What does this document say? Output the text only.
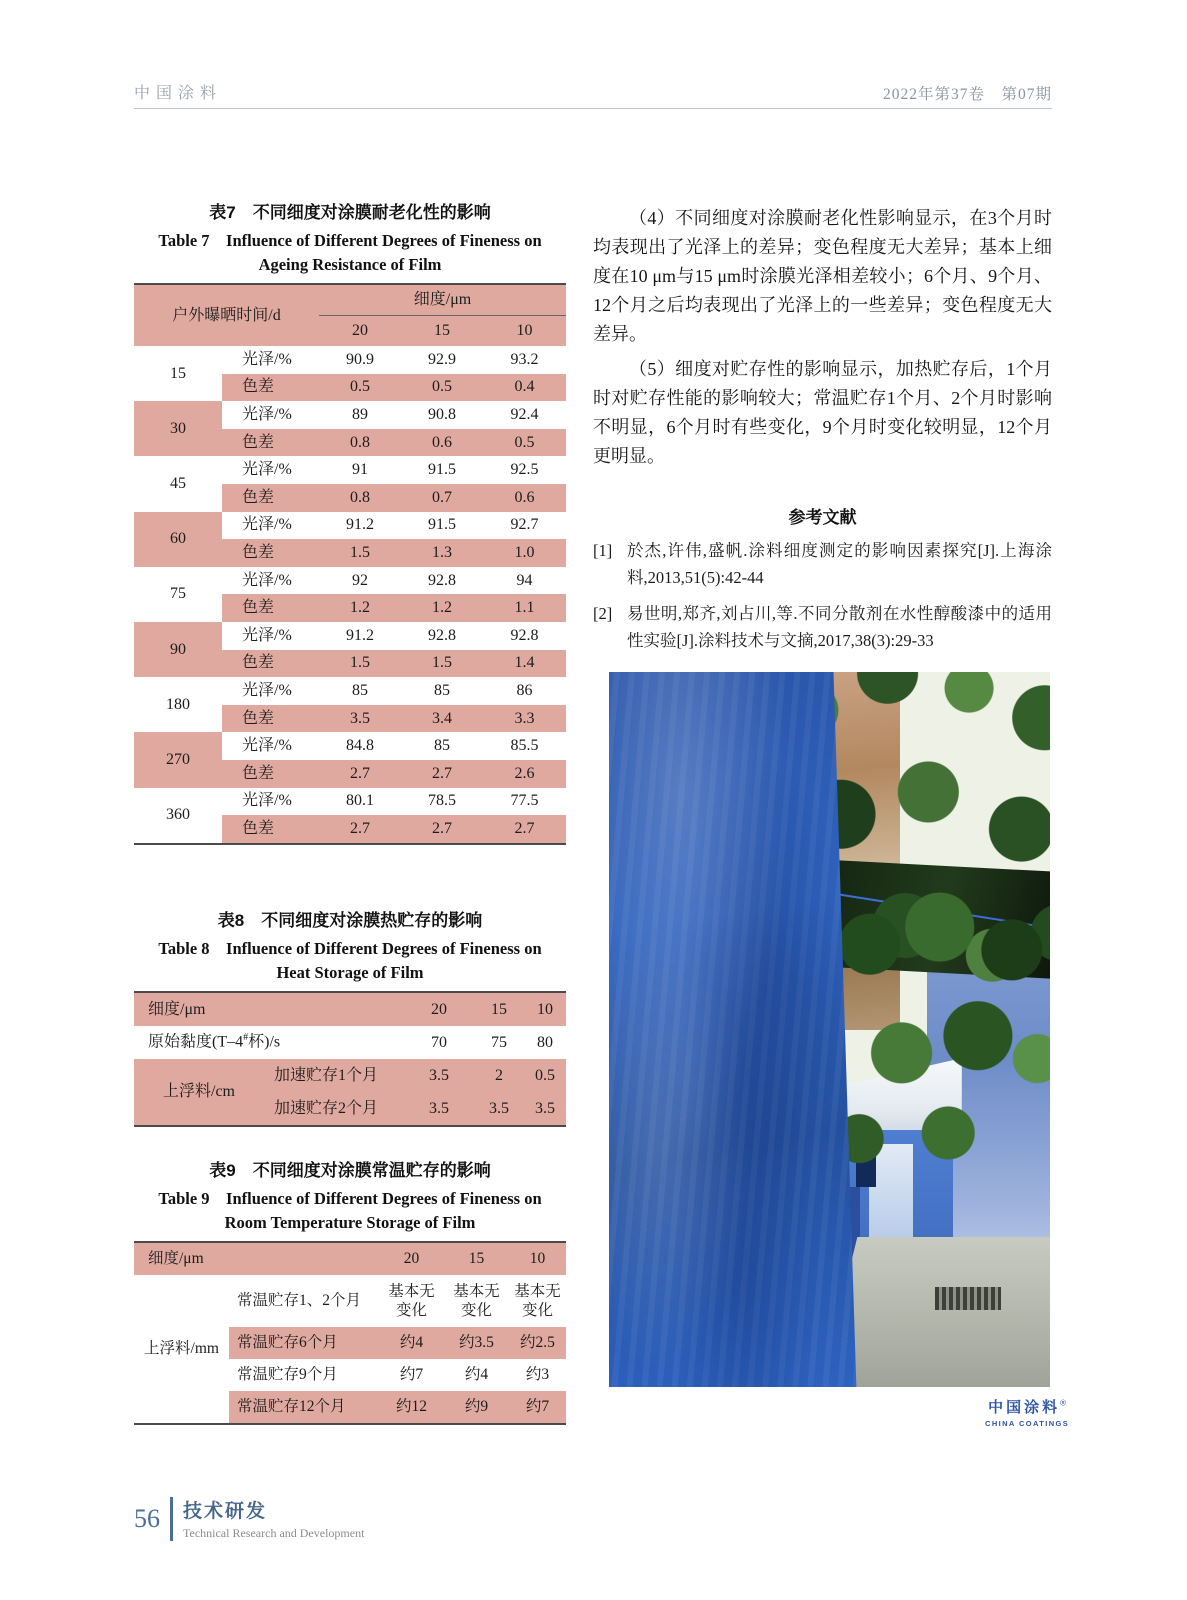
中国涂料	2022年第37卷　第07期
表7　不同细度对涂膜耐老化性的影响
Table 7　Influence of Different Degrees of Fineness on
Ageing Resistance of Film
户外曝晒时间/d		细度/μm		
		20	15	10
15	光泽/%	90.9	92.9	93.2
	色差	0.5	0.5	0.4
30	光泽/%	89	90.8	92.4
	色差	0.8	0.6	0.5
45	光泽/%	91	91.5	92.5
	色差	0.8	0.7	0.6
60	光泽/%	91.2	91.5	92.7
	色差	1.5	1.3	1.0
75	光泽/%	92	92.8	94
	色差	1.2	1.2	1.1
90	光泽/%	91.2	92.8	92.8
	色差	1.5	1.5	1.4
180	光泽/%	85	85	86
	色差	3.5	3.4	3.3
270	光泽/%	84.8	85	85.5
	色差	2.7	2.7	2.6
360	光泽/%	80.1	78.5	77.5
	色差	2.7	2.7	2.7

（4）不同细度对涂膜耐老化性影响显示，在3个月时均表现出了光泽上的差异；变色程度无大差异；基本上细度在10 μm与15 μm时涂膜光泽相差较小；6个月、9个月、12个月之后均表现出了光泽上的一些差异；变色程度无大差异。

（5）细度对贮存性的影响显示，加热贮存后，1个月时对贮存性能的影响较大；常温贮存1个月、2个月时影响不明显，6个月时有些变化，9个月时变化较明显，12个月更明显。

参考文献
[1] 於杰,许伟,盛帆.涂料细度测定的影响因素探究[J].上海涂料,2013,51(5):42-44
[2] 易世明,郑齐,刘占川,等.不同分散剂在水性醇酸漆中的适用性实验[J].涂料技术与文摘,2017,38(3):29-33
表8　不同细度对涂膜热贮存的影响
Table 8　Influence of Different Degrees of Fineness on
Heat Storage of Film
细度/μm		20	15	10
原始黏度(T–4#杯)/s		70	75	80
上浮料/cm	加速贮存1个月	3.5	2	0.5
	加速贮存2个月	3.5	3.5	3.5
表9　不同细度对涂膜常温贮存的影响
Table 9　Influence of Different Degrees of Fineness on
Room Temperature Storage of Film
细度/μm		20	15	10
上浮料/mm	常温贮存1、2个月	基本无变化	基本无变化	基本无变化
	常温贮存6个月	约4	约3.5	约2.5
	常温贮存9个月	约7	约4	约3
	常温贮存12个月	约12	约9	约7	中国涂料®
CHINA COATINGS
56 技术研发
Technical Research and Development
